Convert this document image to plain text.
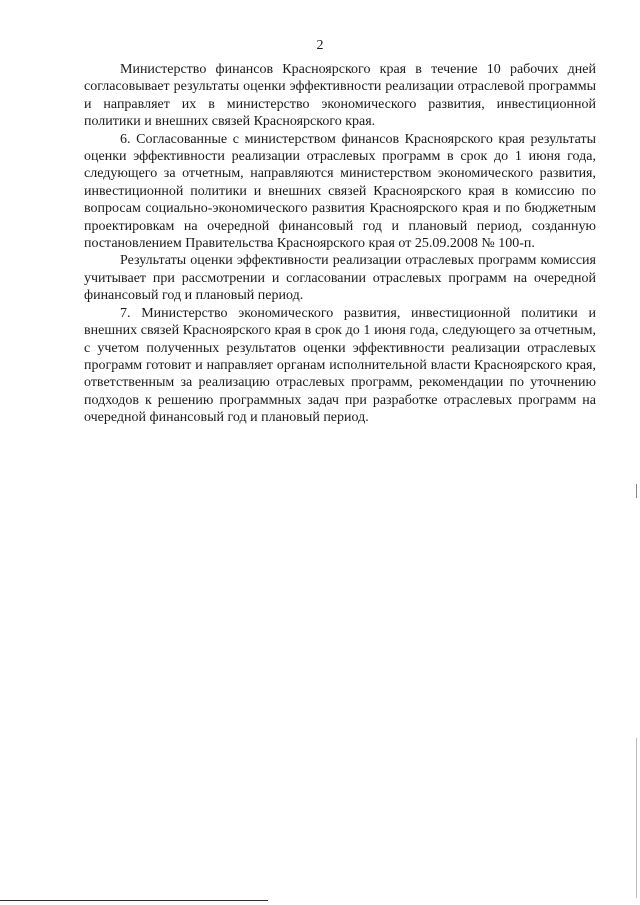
2

Министерство финансов Красноярского края в течение 10 рабочих дней согласовывает результаты оценки эффективности реализации отраслевой программы и направляет их в министерство экономического развития, инвестиционной политики и внешних связей Красноярского края.

6. Согласованные с министерством финансов Красноярского края результаты оценки эффективности реализации отраслевых программ в срок до 1 июня года, следующего за отчетным, направляются министерством экономического развития, инвестиционной политики и внешних связей Красноярского края в комиссию по вопросам социально-экономического развития Красноярского края и по бюджетным проектировкам на очередной финансовый год и плановый период, созданную постановлением Правительства Красноярского края от 25.09.2008 № 100-п.

Результаты оценки эффективности реализации отраслевых программ комиссия учитывает при рассмотрении и согласовании отраслевых программ на очередной финансовый год и плановый период.

7. Министерство экономического развития, инвестиционной политики и внешних связей Красноярского края в срок до 1 июня года, следующего за отчетным, с учетом полученных результатов оценки эффективности реализации отраслевых программ готовит и направляет органам исполнительной власти Красноярского края, ответственным за реализацию отраслевых программ, рекомендации по уточнению подходов к решению программных задач при разработке отраслевых программ на очередной финансовый год и плановый период.
